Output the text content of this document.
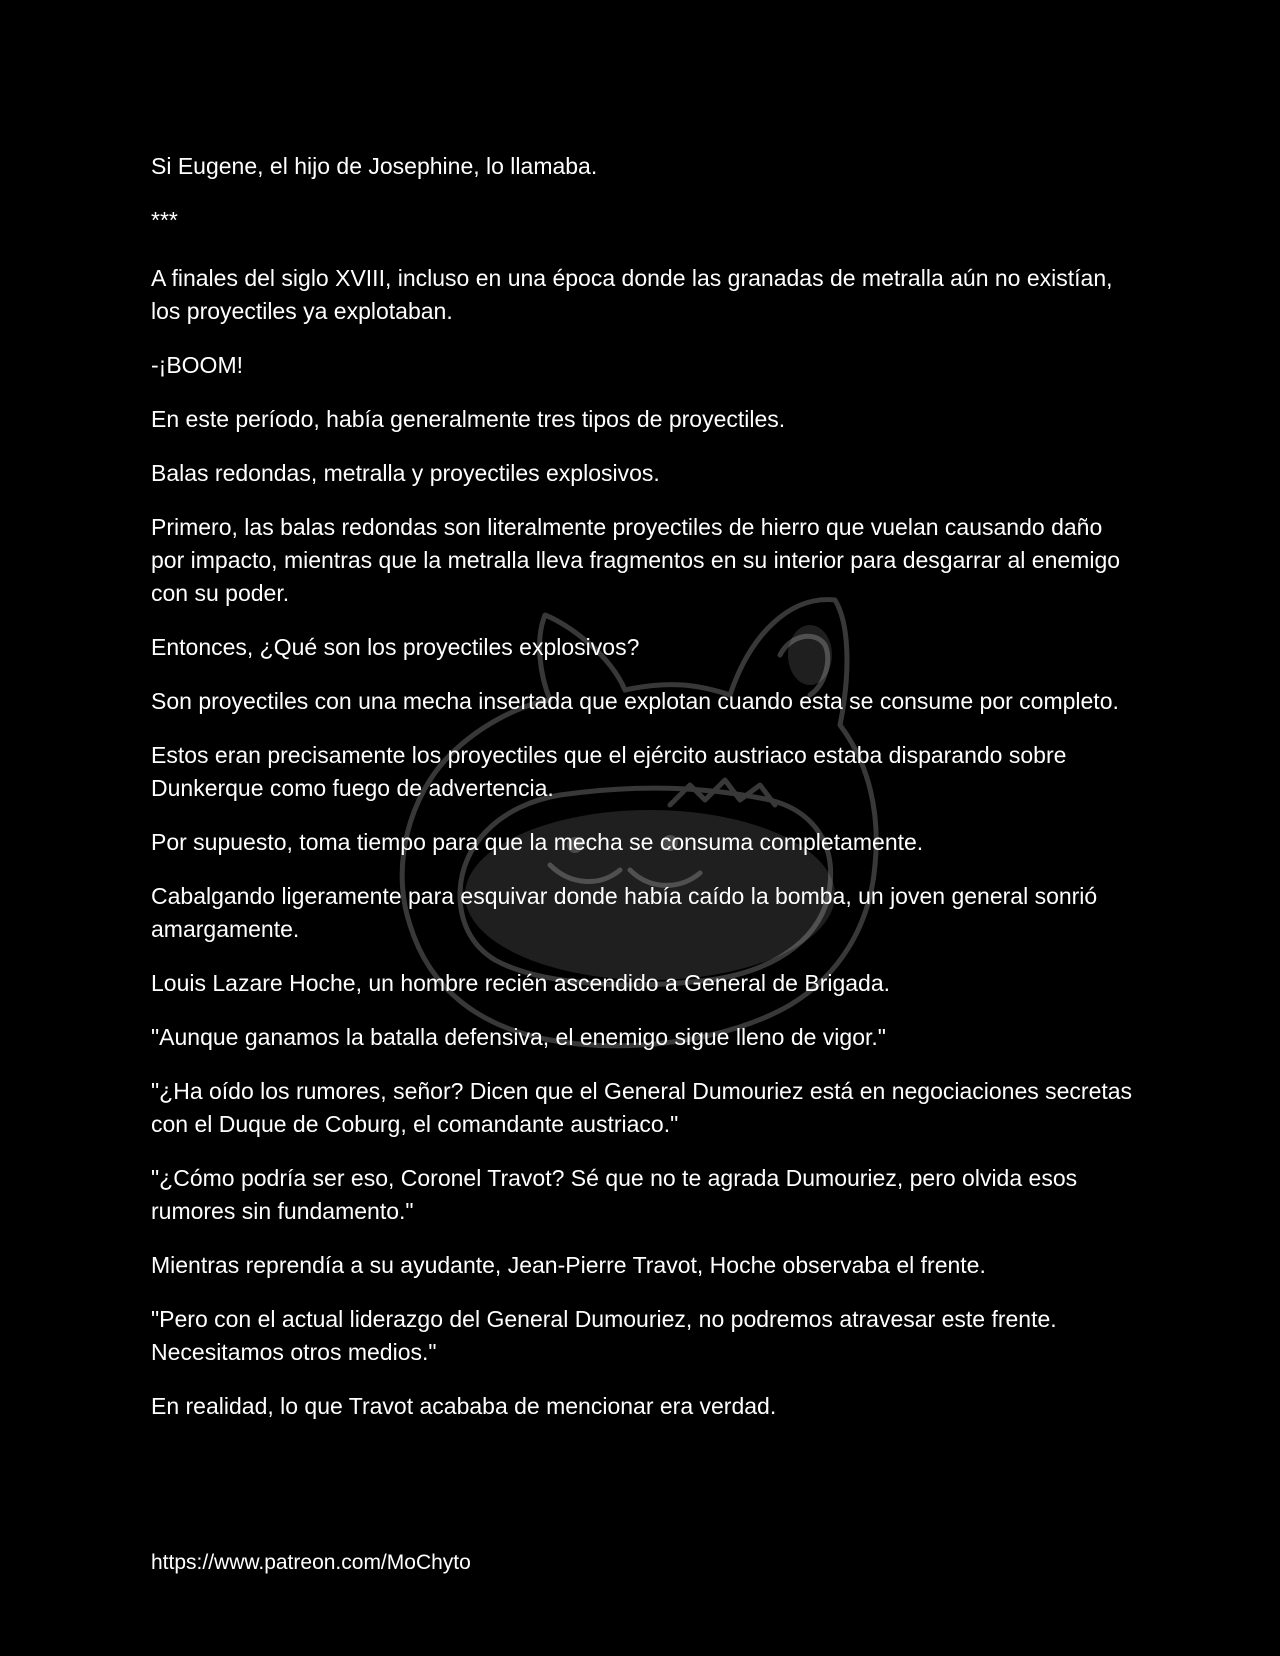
Si Eugene, el hijo de Josephine, lo llamaba.

***

A finales del siglo XVIII, incluso en una época donde las granadas de metralla aún no existían, los proyectiles ya explotaban.

-¡BOOM!

En este período, había generalmente tres tipos de proyectiles.

Balas redondas, metralla y proyectiles explosivos.

Primero, las balas redondas son literalmente proyectiles de hierro que vuelan causando daño por impacto, mientras que la metralla lleva fragmentos en su interior para desgarrar al enemigo con su poder.

Entonces, ¿Qué son los proyectiles explosivos?

Son proyectiles con una mecha insertada que explotan cuando esta se consume por completo.

Estos eran precisamente los proyectiles que el ejército austriaco estaba disparando sobre Dunkerque como fuego de advertencia.

Por supuesto, toma tiempo para que la mecha se consuma completamente.

Cabalgando ligeramente para esquivar donde había caído la bomba, un joven general sonrió amargamente.

Louis Lazare Hoche, un hombre recién ascendido a General de Brigada.

"Aunque ganamos la batalla defensiva, el enemigo sigue lleno de vigor."

"¿Ha oído los rumores, señor? Dicen que el General Dumouriez está en negociaciones secretas con el Duque de Coburg, el comandante austriaco."

"¿Cómo podría ser eso, Coronel Travot? Sé que no te agrada Dumouriez, pero olvida esos rumores sin fundamento."

Mientras reprendía a su ayudante, Jean-Pierre Travot, Hoche observaba el frente.

"Pero con el actual liderazgo del General Dumouriez, no podremos atravesar este frente. Necesitamos otros medios."

En realidad, lo que Travot acababa de mencionar era verdad.

https://www.patreon.com/MoChyto
